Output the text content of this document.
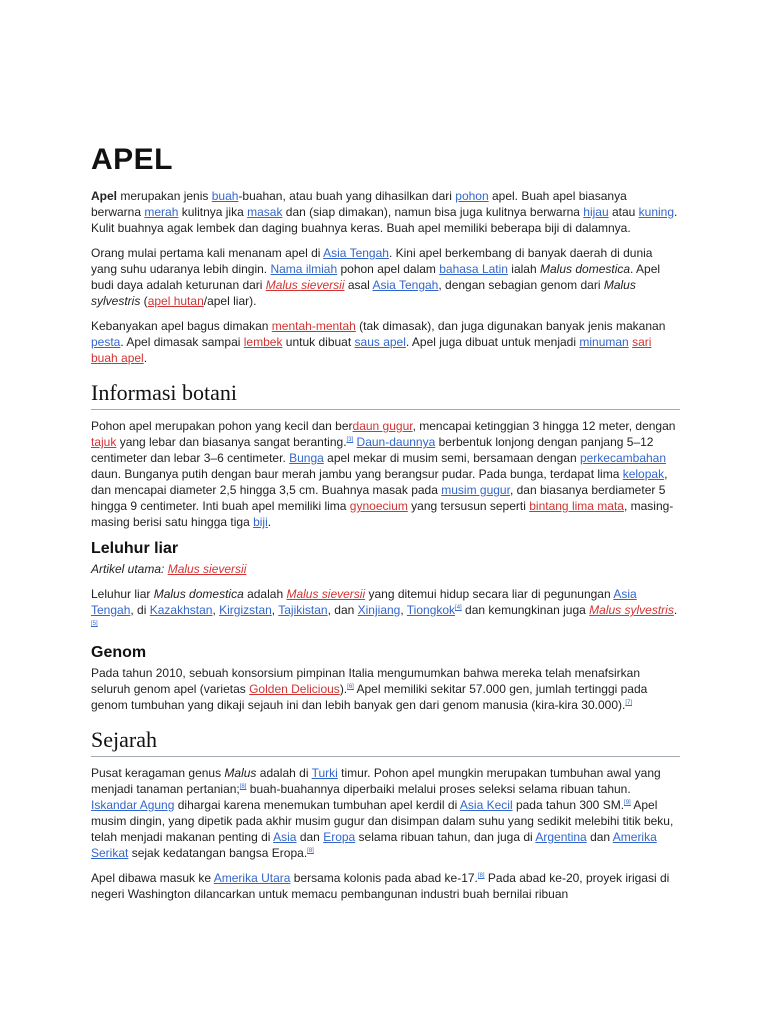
APEL

Apel merupakan jenis buah-buahan, atau buah yang dihasilkan dari pohon apel. Buah apel biasanya berwarna merah kulitnya jika masak dan (siap dimakan), namun bisa juga kulitnya berwarna hijau atau kuning. Kulit buahnya agak lembek dan daging buahnya keras. Buah apel memiliki beberapa biji di dalamnya.

Orang mulai pertama kali menanam apel di Asia Tengah. Kini apel berkembang di banyak daerah di dunia yang suhu udaranya lebih dingin. Nama ilmiah pohon apel dalam bahasa Latin ialah Malus domestica. Apel budi daya adalah keturunan dari Malus sieversii asal Asia Tengah, dengan sebagian genom dari Malus sylvestris (apel hutan/apel liar).

Kebanyakan apel bagus dimakan mentah-mentah (tak dimasak), dan juga digunakan banyak jenis makanan pesta. Apel dimasak sampai lembek untuk dibuat saus apel. Apel juga dibuat untuk menjadi minuman sari buah apel.

Informasi botani

Pohon apel merupakan pohon yang kecil dan berdaun gugur, mencapai ketinggian 3 hingga 12 meter, dengan tajuk yang lebar dan biasanya sangat beranting.[3] Daun-daunnya berbentuk lonjong dengan panjang 5–12 centimeter dan lebar 3–6 centimeter. Bunga apel mekar di musim semi, bersamaan dengan perkecambahan daun. Bunganya putih dengan baur merah jambu yang berangsur pudar. Pada bunga, terdapat lima kelopak, dan mencapai diameter 2,5 hingga 3,5 cm. Buahnya masak pada musim gugur, dan biasanya berdiameter 5 hingga 9 centimeter. Inti buah apel memiliki lima gynoecium yang tersusun seperti bintang lima mata, masing-masing berisi satu hingga tiga biji.

Leluhur liar
Artikel utama: Malus sieversii

Leluhur liar Malus domestica adalah Malus sieversii yang ditemui hidup secara liar di pegunungan Asia Tengah, di Kazakhstan, Kirgizstan, Tajikistan, dan Xinjiang, Tiongkok[4] dan kemungkinan juga Malus sylvestris.[5]

Genom

Pada tahun 2010, sebuah konsorsium pimpinan Italia mengumumkan bahwa mereka telah menafsirkan seluruh genom apel (varietas Golden Delicious).[6] Apel memiliki sekitar 57.000 gen, jumlah tertinggi pada genom tumbuhan yang dikaji sejauh ini dan lebih banyak gen dari genom manusia (kira-kira 30.000).[7]

Sejarah

Pusat keragaman genus Malus adalah di Turki timur. Pohon apel mungkin merupakan tumbuhan awal yang menjadi tanaman pertanian;[8] buah-buahannya diperbaiki melalui proses seleksi selama ribuan tahun. Iskandar Agung dihargai karena menemukan tumbuhan apel kerdil di Asia Kecil pada tahun 300 SM.[9] Apel musim dingin, yang dipetik pada akhir musim gugur dan disimpan dalam suhu yang sedikit melebihi titik beku, telah menjadi makanan penting di Asia dan Eropa selama ribuan tahun, dan juga di Argentina dan Amerika Serikat sejak kedatangan bangsa Eropa.[8]

Apel dibawa masuk ke Amerika Utara bersama kolonis pada abad ke-17.[8] Pada abad ke-20, proyek irigasi di negeri Washington dilancarkan untuk memacu pembangunan industri buah bernilai ribuan
